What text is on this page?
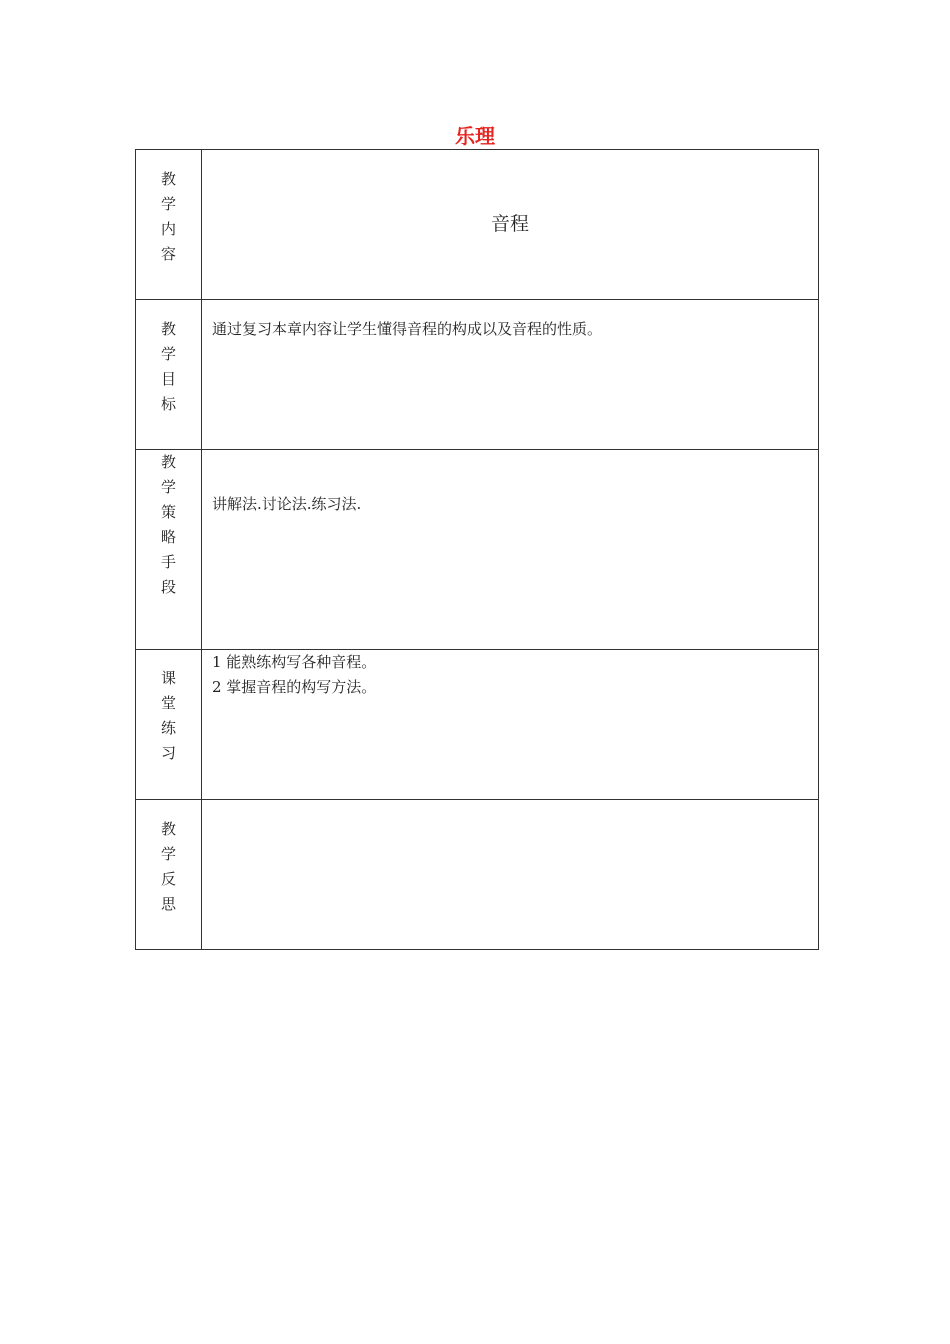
乐理
教学内容	音程

教学目标	通过复习本章内容让学生懂得音程的构成以及音程的性质。

教学策略手段	讲解法.讨论法.练习法.

课堂练习	1 能熟练构写各种音程。
2 掌握音程的构写方法。

教学反思	
